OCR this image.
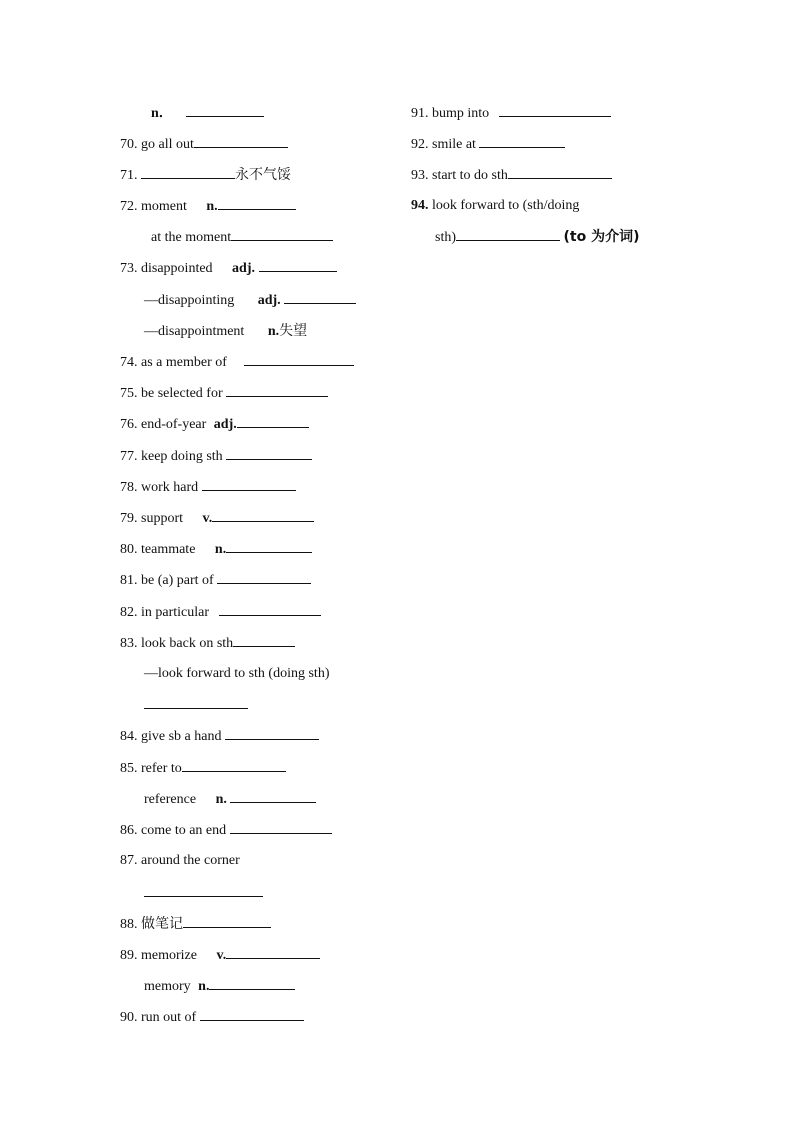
n．
70. go all out
71.	永不气馁
72. moment n.
at the moment
73. disappointed adj.
—disappointing adj.
—disappointment n.失望
74. as a member of
75. be selected for
76. end-of-year adj.
77. keep doing sth
78. work hard
79. support v.
80. teammate n.
81. be (a) part of
82. in particular
83. look back on sth
—look forward to sth (doing sth)
84. give sb a hand
85. refer to
reference n.
86. come to an end
87. around the corner
88. 做笔记
89. memorize v.
memory n.
90. run out of
91. bump into
92. smile at
93. start to do sth
94. look forward to (sth/doing
sth)	(to 为介词)
